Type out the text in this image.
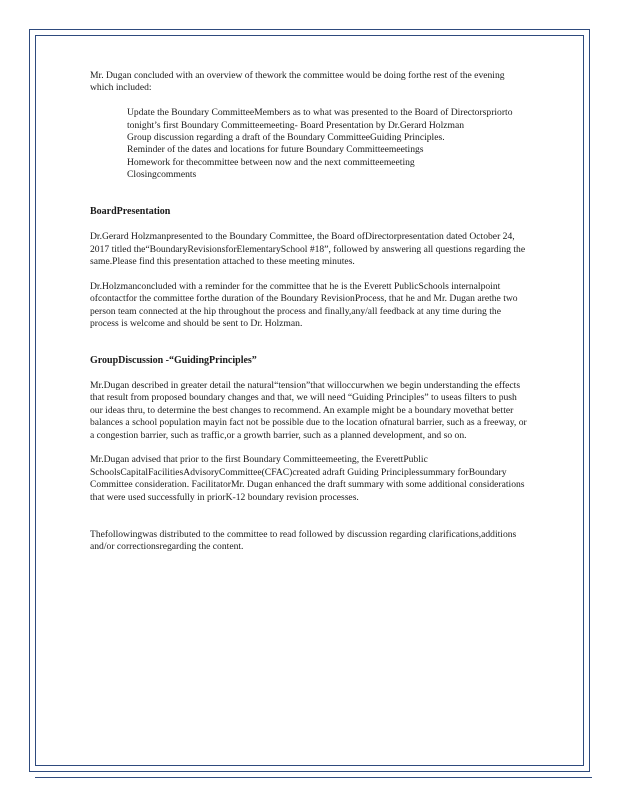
Mr. Dugan concluded with an overview of thework the committee would be doing forthe rest of the evening which included:

Update the Boundary CommitteeMembers as to what was presented to the Board of Directorspriorto tonight’s first Boundary Committeemeeting- Board Presentation by Dr.Gerard Holzman
Group discussion regarding a draft of the Boundary CommitteeGuiding Principles.
Reminder of the dates and locations for future Boundary Committeemeetings
Homework for thecommittee between now and the next committeemeeting
Closingcomments
BoardPresentation

Dr.Gerard Holzmanpresented to the Boundary Committee, the Board ofDirectorpresentation dated October 24, 2017 titled the“BoundaryRevisionsforElementarySchool #18”, followed by answering all questions regarding the same.Please find this presentation attached to these meeting minutes.

Dr.Holzmanconcluded with a reminder for the committee that he is the Everett PublicSchools internalpoint ofcontactfor the committee forthe duration of the Boundary RevisionProcess, that he and Mr. Dugan arethe two person team connected at the hip throughout the process and finally,any/all feedback at any time during the process is welcome and should be sent to Dr. Holzman.

GroupDiscussion -“GuidingPrinciples”

Mr.Dugan described in greater detail the natural“tension”that willoccurwhen we begin understanding the effects that result from proposed boundary changes and that, we will need “Guiding Principles” to useas filters to push our ideas thru, to determine the best changes to recommend. An example might be a boundary movethat better balances a school population mayin fact not be possible due to the location ofnatural barrier, such as a freeway, or a congestion barrier, such as traffic,or a growth barrier, such as a planned development, and so on.

Mr.Dugan advised that prior to the first Boundary Committeemeeting, the EverettPublic SchoolsCapitalFacilitiesAdvisoryCommittee(CFAC)created adraft Guiding Principlessummary forBoundary Committee consideration. FacilitatorMr. Dugan enhanced the draft summary with some additional considerations that were used successfully in priorK-12 boundary revision processes.

Thefollowingwas distributed to the committee to read followed by discussion regarding clarifications,additions and/or correctionsregarding the content.
